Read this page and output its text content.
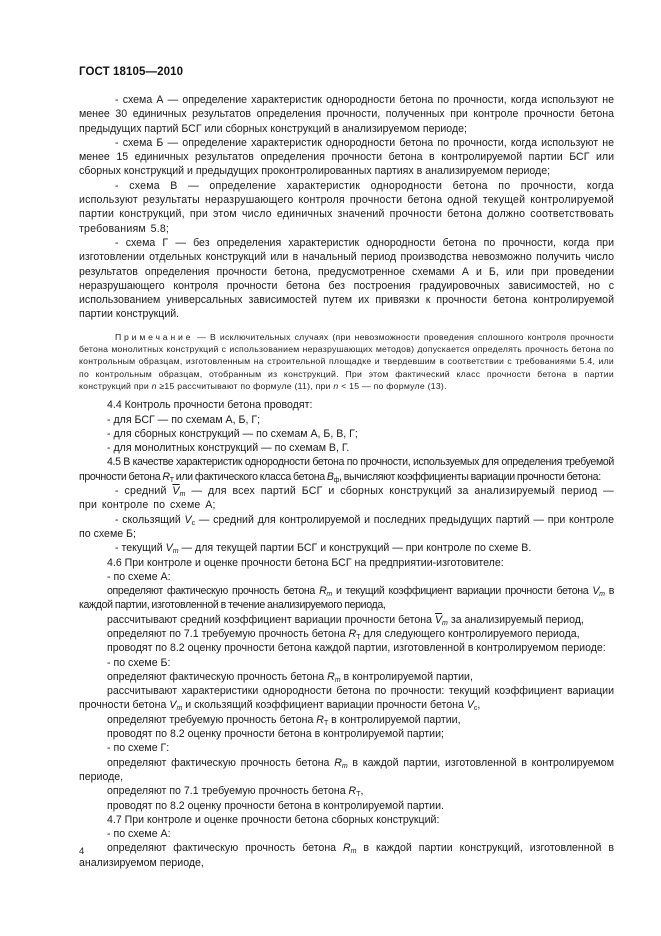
ГОСТ 18105—2010

- схема А — определение характеристик однородности бетона по прочности, когда используют не менее 30 единичных результатов определения прочности, полученных при контроле прочности бетона предыдущих партий БСГ или сборных конструкций в анализируемом периоде;

- схема Б — определение характеристик однородности бетона по прочности, когда используют не менее 15 единичных результатов определения прочности бетона в контролируемой партии БСГ или сборных конструкций и предыдущих проконтролированных партиях в анализируемом периоде;

- схема В — определение характеристик однородности бетона по прочности, когда используют результаты неразрушающего контроля прочности бетона одной текущей контролируемой партии конструкций, при этом число единичных значений прочности бетона должно соответствовать требованиям 5.8;

- схема Г — без определения характеристик однородности бетона по прочности, когда при изготовлении отдельных конструкций или в начальный период производства невозможно получить число результатов определения прочности бетона, предусмотренное схемами А и Б, или при проведении неразрушающего контроля прочности бетона без построения градуировочных зависимостей, но с использованием универсальных зависимостей путем их привязки к прочности бетона контролируемой партии конструкций.

Примечание — В исключительных случаях (при невозможности проведения сплошного контроля прочности бетона монолитных конструкций с использованием неразрушающих методов) допускается определять прочность бетона по контрольным образцам, изготовленным на строительной площадке и твердевшим в соответствии с требованиями 5.4, или по контрольным образцам, отобранным из конструкций. При этом фактический класс прочности бетона в партии конструкций при n ≥15 рассчитывают по формуле (11), при n < 15 — по формуле (13).

4.4 Контроль прочности бетона проводят:

- для БСГ — по схемам А, Б, Г;

- для сборных конструкций — по схемам А, Б, В, Г;

- для монолитных конструкций — по схемам В, Г.

4.5 В качестве характеристик однородности бетона по прочности, используемых для определения требуемой прочности бетона $R_Т$ или фактического класса бетона $B_ф$, вычисляют коэффициенты вариации прочности бетона:

- средний $\overline{V}_m$ — для всех партий БСГ и сборных конструкций за анализируемый период — при контроле по схеме А;

- скользящий $V_c$ — средний для контролируемой и последних предыдущих партий — при контроле по схеме Б;

- текущий $V_m$ — для текущей партии БСГ и конструкций — при контроле по схеме В.

4.6 При контроле и оценке прочности бетона БСГ на предприятии-изготовителе:

- по схеме А:

определяют фактическую прочность бетона $R_m$ и текущий коэффициент вариации прочности бетона $V_m$ в каждой партии, изготовленной в течение анализируемого периода,

рассчитывают средний коэффициент вариации прочности бетона $\overline{V}_m$ за анализируемый период,

определяют по 7.1 требуемую прочность бетона $R_Т$ для следующего контролируемого периода,

проводят по 8.2 оценку прочности бетона каждой партии, изготовленной в контролируемом периоде:

- по схеме Б:

определяют фактическую прочность бетона $R_m$ в контролируемой партии,

рассчитывают характеристики однородности бетона по прочности: текущий коэффициент вариации прочности бетона $V_m$ и скользящий коэффициент вариации прочности бетона $V_c$,

определяют требуемую прочность бетона $R_Т$ в контролируемой партии,

проводят по 8.2 оценку прочности бетона в контролируемой партии;

- по схеме Г:

определяют фактическую прочность бетона $R_m$ в каждой партии, изготовленной в контролируемом периоде,

определяют по 7.1 требуемую прочность бетона $R_Т$,

проводят по 8.2 оценку прочности бетона в контролируемой партии.

4.7 При контроле и оценке прочности бетона сборных конструкций:

- по схеме А:

определяют фактическую прочность бетона $R_m$ в каждой партии конструкций, изготовленной в анализируемом периоде,

4
